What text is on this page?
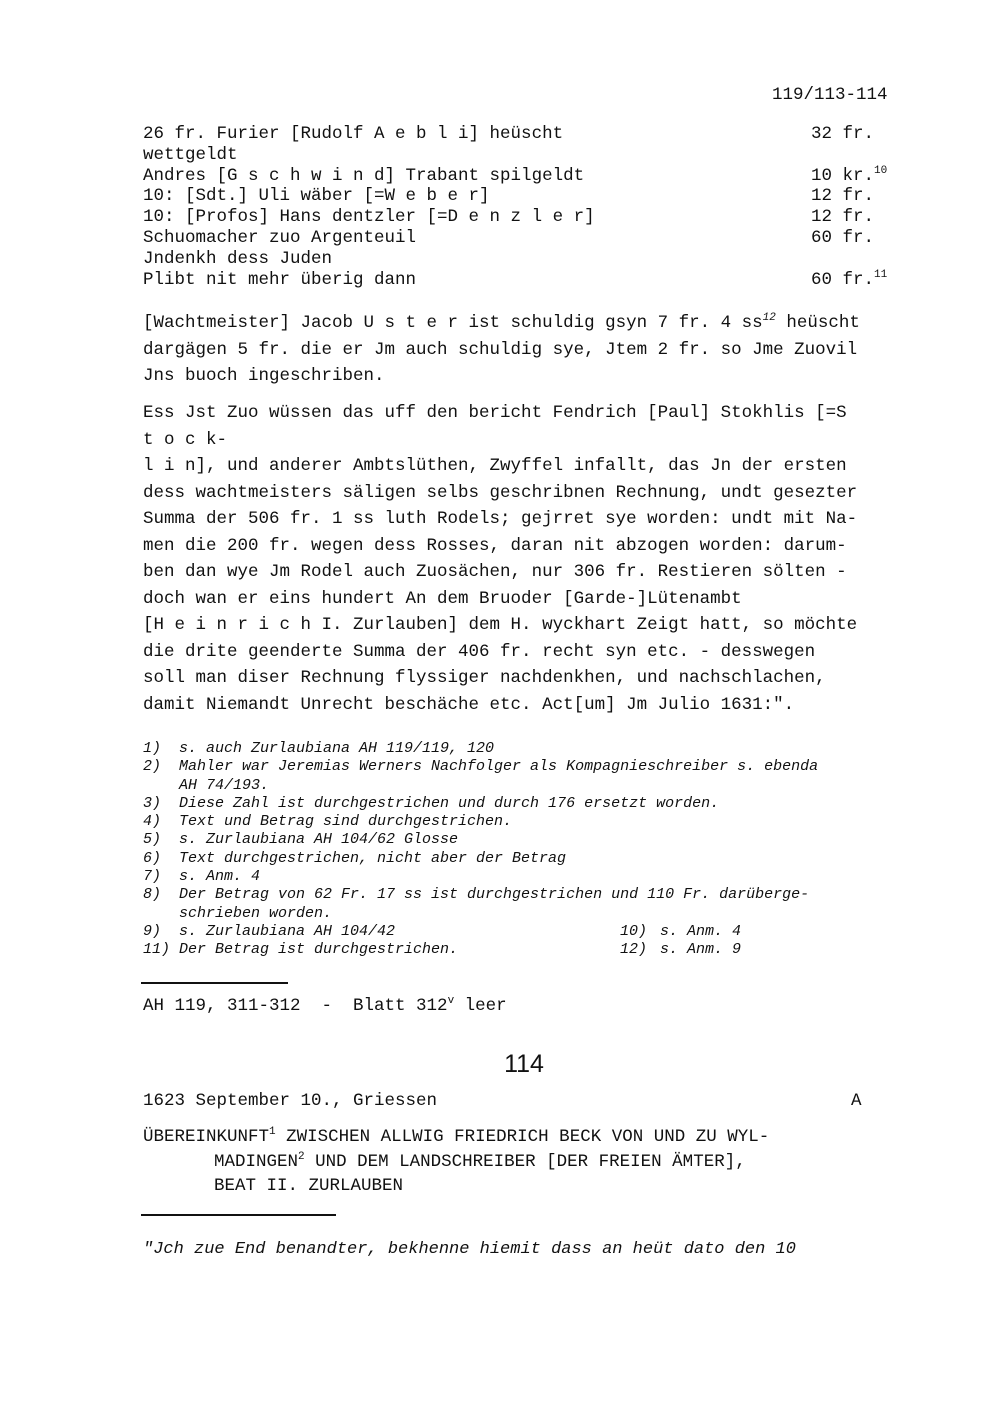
119/113-114
26 fr. Furier [Rudolf A e b l i] heüscht	32 fr.
wettgeldt
Andres [G s c h w i n d] Trabant spilgeldt	10 kr.$^{10}$
10: [Sdt.] Uli wäber [=W e b e r]	12 fr.
10: [Profos] Hans dentzler [=D e n z l e r]	12 fr.
Schuomacher zuo Argenteuil	60 fr.
Jndenkh dess Juden
Plibt nit mehr überig dann	60 fr.$^{11}$
[Wachtmeister] Jacob U s t e r ist schuldig gsyn 7 fr. 4 $ss^{12}$ heüscht
dargägen 5 fr. die er Jm auch schuldig sye, Jtem 2 fr. so Jme Zuovil
Jns buoch ingeschriben.
Ess Jst Zuo wüssen das uff den bericht Fendrich [Paul] Stokhlis [=S
t o c k-
l i n], und anderer Ambtslüthen, Zwyffel infallt, das Jn der ersten
dess wachtmeisters säligen selbs geschribnen Rechnung, undt gesezter
Summa der 506 fr. 1 ss luth Rodels; gejrret sye worden: undt mit Na-
men die 200 fr. wegen dess Rosses, daran nit abzogen worden: darum-
ben dan wye Jm Rodel auch Zuosächen, nur 306 fr. Restieren sölten -
doch wan er eins hundert An dem Bruoder [Garde-]Lütenambt
[H e i n r i c h I. Zurlauben] dem H. wyckhart Zeigt hatt, so möchte
die drite geenderte Summa der 406 fr. recht syn etc. - desswegen
soll man diser Rechnung flyssiger nachdenkhen, und nachschlachen,
damit Niemandt Unrecht beschäche etc. Act[um] Jm Julio 1631:".
1) s. auch Zurlaubiana AH 119/119, 120
2) Mahler war Jeremias Werners Nachfolger als Kompagnieschreiber s. ebenda
AH 74/193.
3) Diese Zahl ist durchgestrichen und durch 176 ersetzt worden.
4) Text und Betrag sind durchgestrichen.
5) s. Zurlaubiana AH 104/62 Glosse
6) Text durchgestrichen, nicht aber der Betrag
7) s. Anm. 4
8) Der Betrag von 62 Fr. 17 ss ist durchgestrichen und 110 Fr. darüberge-
schrieben worden.
9) s. Zurlaubiana AH 104/42	10) s. Anm. 4
11) Der Betrag ist durchgestrichen.	12) s. Anm. 9
AH 119, 311-312  -  Blatt 312$^v$ leer
114
1623 September 10., Griessen	A
ÜBEREINKUNFT$^1$ ZWISCHEN ALLWIG FRIEDRICH BECK VON UND ZU WYL-
MADINGEN$^2$ UND DEM LANDSCHREIBER [DER FREIEN ÄMTER],
BEAT II. ZURLAUBEN
"Jch zue End benandter, bekhenne hiemit dass an heüt dato den 10
